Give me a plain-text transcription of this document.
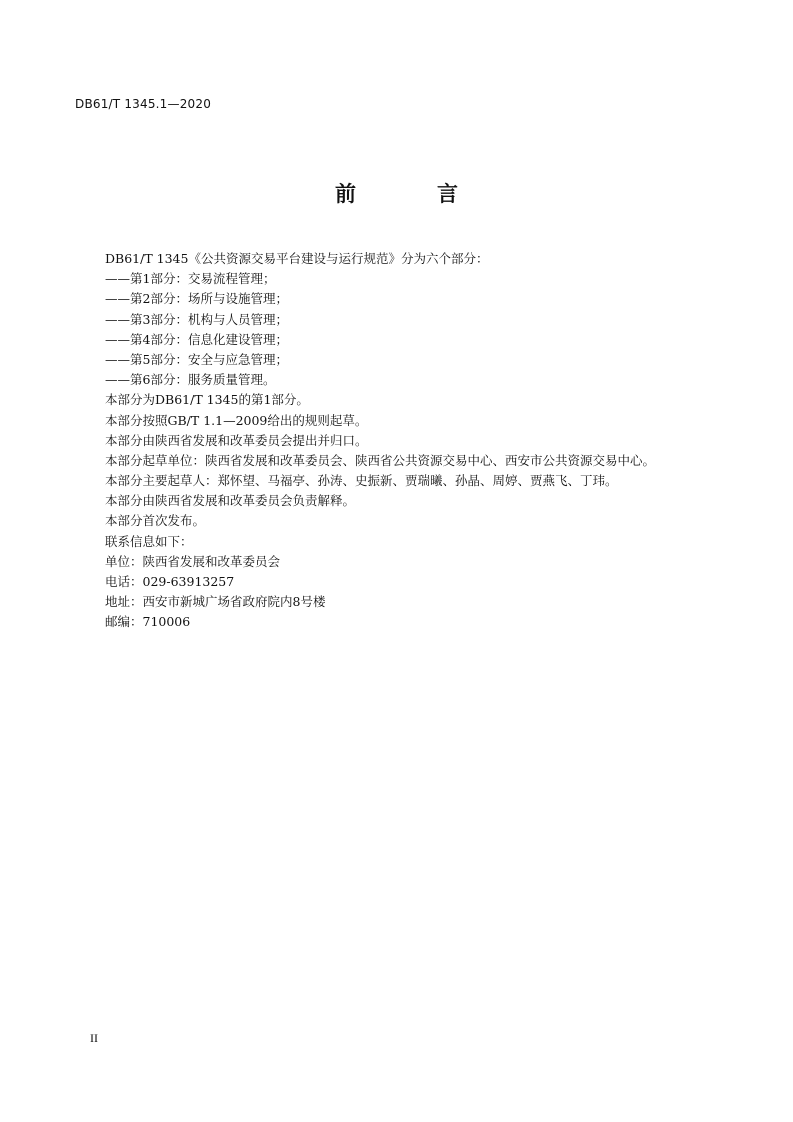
DB61/T 1345.1—2020
前　言
DB61/T 1345《公共资源交易平台建设与运行规范》分为六个部分：
——第1部分：交易流程管理；
——第2部分：场所与设施管理；
——第3部分：机构与人员管理；
——第4部分：信息化建设管理；
——第5部分：安全与应急管理；
——第6部分：服务质量管理。
本部分为DB61/T 1345的第1部分。
本部分按照GB/T 1.1—2009给出的规则起草。
本部分由陕西省发展和改革委员会提出并归口。
本部分起草单位：陕西省发展和改革委员会、陕西省公共资源交易中心、西安市公共资源交易中心。
本部分主要起草人：郑怀望、马福亭、孙涛、史振新、贾瑞曦、孙晶、周婷、贾燕飞、丁玮。
本部分由陕西省发展和改革委员会负责解释。
本部分首次发布。
联系信息如下：
单位：陕西省发展和改革委员会
电话：029-63913257
地址：西安市新城广场省政府院内8号楼
邮编：710006
II
